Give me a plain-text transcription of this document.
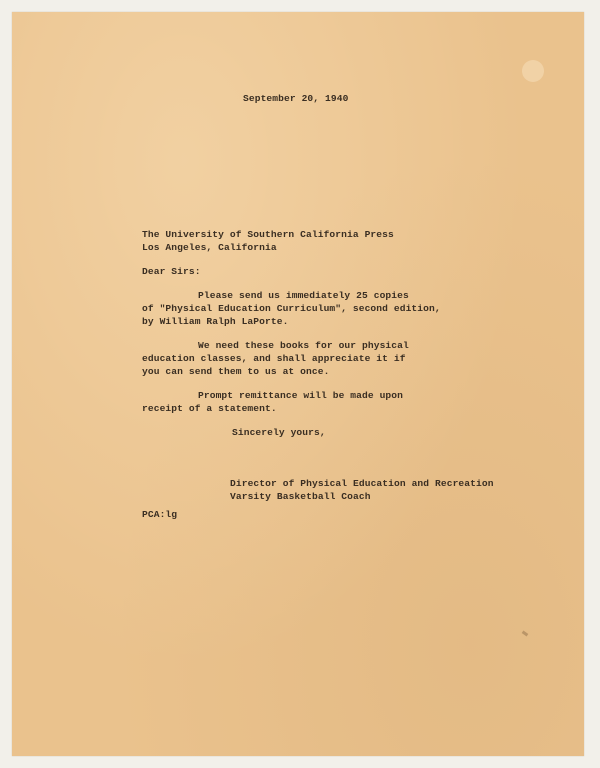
September 20, 1940
The University of Southern California Press
Los Angeles, California
Dear Sirs:
Please send us immediately 25 copies
of "Physical Education Curriculum", second edition,
by William Ralph LaPorte.
We need these books for our physical
education classes, and shall appreciate it if
you can send them to us at once.
Prompt remittance will be made upon
receipt of a statement.
Sincerely yours,
Director of Physical Education and Recreation
Varsity Basketball Coach
PCA:lg
